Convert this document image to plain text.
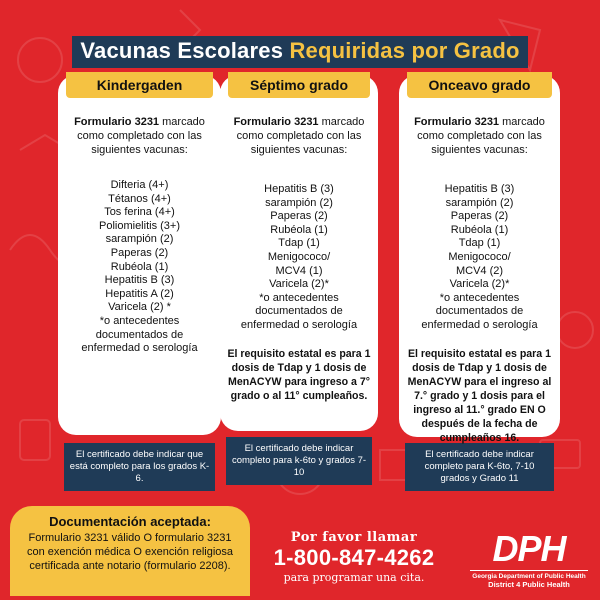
Vacunas Escolares Requiridas por Grado
Kindergaden

Formulario 3231 marcado como completado con las siguientes vacunas:

Difteria (4+)
Tétanos (4+)
Tos ferina (4+)
Poliomielitis (3+)
sarampión (2)
Paperas (2)
Rubéola (1)
Hepatitis B (3)
Hepatitis A (2)
Varicela (2) *
*o antecedentes
documentados de
enfermedad o serología
El certificado debe indicar que está completo para los grados K-6.
Séptimo grado

Formulario 3231 marcado como completado con las siguientes vacunas:

Hepatitis B (3)
sarampión (2)
Paperas (2)
Rubéola (1)
Tdap (1)
Menigococo/
MCV4 (1)
Varicela (2)*
*o antecedentes
documentados de
enfermedad o serología

El requisito estatal es para 1 dosis de Tdap y 1 dosis de MenACYW para ingreso a 7° grado o al 11° cumpleaños.

El certificado debe indicar completo para k-6to y grados 7-10
Onceavo grado

Formulario 3231 marcado como completado con las siguientes vacunas:

Hepatitis B (3)
sarampión (2)
Paperas (2)
Rubéola (1)
Tdap (1)
Menigococo/
MCV4 (2)
Varicela (2)*
*o antecedentes
documentados de
enfermedad o serología

El requisito estatal es para 1 dosis de Tdap y 1 dosis de MenACYW para el ingreso al 7.° grado y 1 dosis para el ingreso al 11.° grado EN O después de la fecha de cumpleaños 16.

El certificado debe indicar completo para K-6to, 7-10 grados y Grado 11
Documentación aceptada:
Formulario 3231 válido O formulario 3231 con exención médica O exención religiosa certificada ante notario (formulario 2208).
Por favor llamar
1-800-847-4262
para programar una cita.
DPH
Georgia Department of Public Health
District 4 Public Health
